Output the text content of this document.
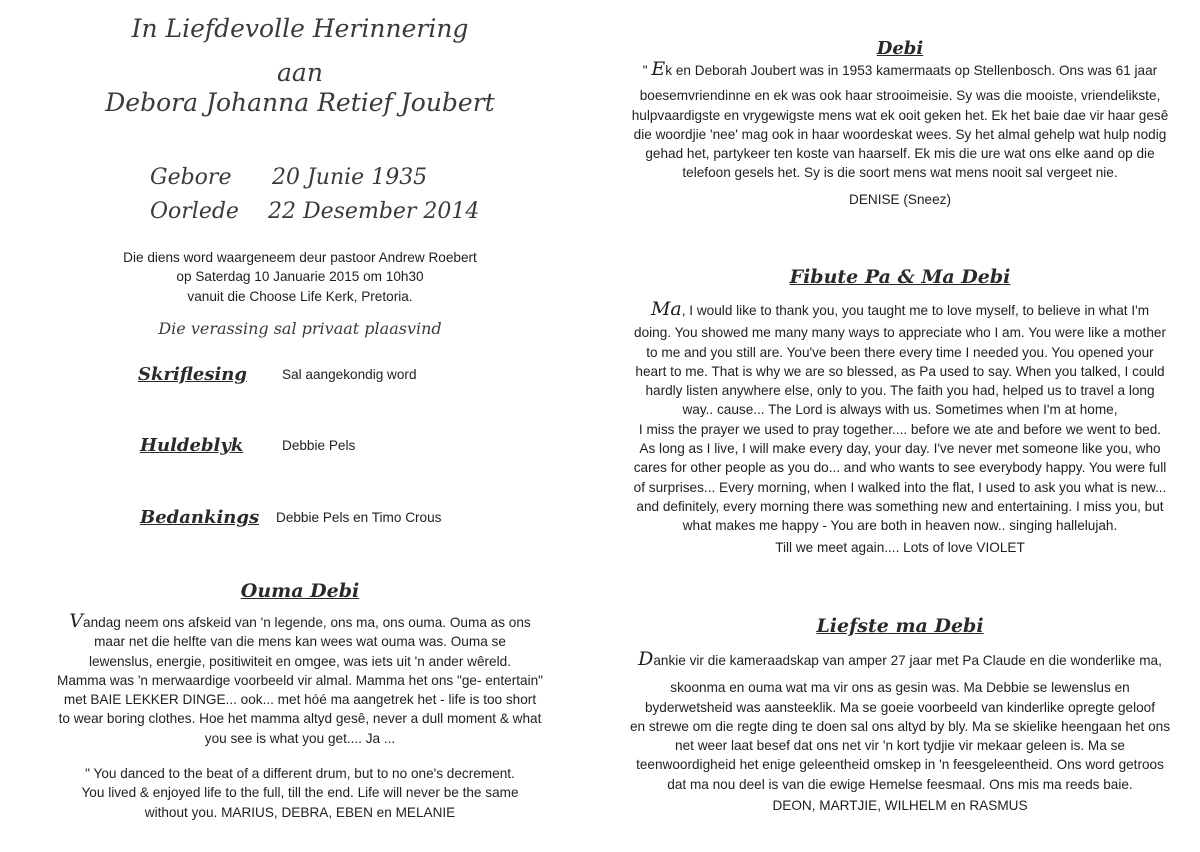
In Liefdevolle Herinnering
aan
Debora Johanna Retief Joubert
Gebore 20 Junie 1935
Oorlede 22 Desember 2014
Die diens word waargeneem deur pastoor Andrew Roebert
op Saterdag 10 Januarie 2015 om 10h30
vanuit die Choose Life Kerk, Pretoria.
Die verassing sal privaat plaasvind
Skriflesing	Sal aangekondig word
Huldeblyk	Debbie Pels
Bedankings Debbie Pels en Timo Crous
Ouma Debi
Vandag neem ons afskeid van 'n legende, ons ma, ons ouma. Ouma as ons
maar net die helfte van die mens kan wees wat ouma was. Ouma se
lewenslus, energie, positiwiteit en omgee, was iets uit 'n ander wêreld.
Mamma was 'n merwaardige voorbeeld vir almal. Mamma het ons "ge- entertain"
met BAIE LEKKER DINGE... ook... met hóé ma aangetrek het - life is too short
to wear boring clothes. Hoe het mamma altyd gesê, never a dull moment & what
you see is what you get.... Ja ...
" You danced to the beat of a different drum, but to no one's decrement.
You lived & enjoyed life to the full, till the end. Life will never be the same
without you. MARIUS, DEBRA, EBEN en MELANIE
Debi
" Ek en Deborah Joubert was in 1953 kamermaats op Stellenbosch. Ons was 61 jaar
boesemvriendinne en ek was ook haar strooimeisie. Sy was die mooiste, vriendelikste,
hulpvaardigste en vrygewigste mens wat ek ooit geken het. Ek het baie dae vir haar gesê
die woordjie 'nee' mag ook in haar woordeskat wees. Sy het almal gehelp wat hulp nodig
gehad het, partykeer ten koste van haarself. Ek mis die ure wat ons elke aand op die
telefoon gesels het. Sy is die soort mens wat mens nooit sal vergeet nie.
DENISE (Sneez)
Fibute Pa & Ma Debi
Ma, I would like to thank you, you taught me to love myself, to believe in what I'm
doing. You showed me many many ways to appreciate who I am. You were like a mother
to me and you still are. You've been there every time I needed you. You opened your
heart to me. That is why we are so blessed, as Pa used to say. When you talked, I could
hardly listen anywhere else, only to you. The faith you had, helped us to travel a long
way.. cause... The Lord is always with us. Sometimes when I'm at home,
I miss the prayer we used to pray together.... before we ate and before we went to bed.
As long as I live, I will make every day, your day. I've never met someone like you, who
cares for other people as you do... and who wants to see everybody happy. You were full
of surprises... Every morning, when I walked into the flat, I used to ask you what is new...
and definitely, every morning there was something new and entertaining. I miss you, but
what makes me happy - You are both in heaven now.. singing hallelujah.
Till we meet again.... Lots of love VIOLET
Liefste ma Debi
Dankie vir die kameraadskap van amper 27 jaar met Pa Claude en die wonderlike ma,
skoonma en ouma wat ma vir ons as gesin was. Ma Debbie se lewenslus en
byderwetsheid was aansteeklik. Ma se goeie voorbeeld van kinderlike opregte geloof
en strewe om die regte ding te doen sal ons altyd by bly. Ma se skielike heengaan het ons
net weer laat besef dat ons net vir 'n kort tydjie vir mekaar geleen is. Ma se
teenwoordigheid het enige geleentheid omskep in 'n feesgeleentheid. Ons word getroos
dat ma nou deel is van die ewige Hemelse feesmaal. Ons mis ma reeds baie.
DEON, MARTJIE, WILHELM en RASMUS
